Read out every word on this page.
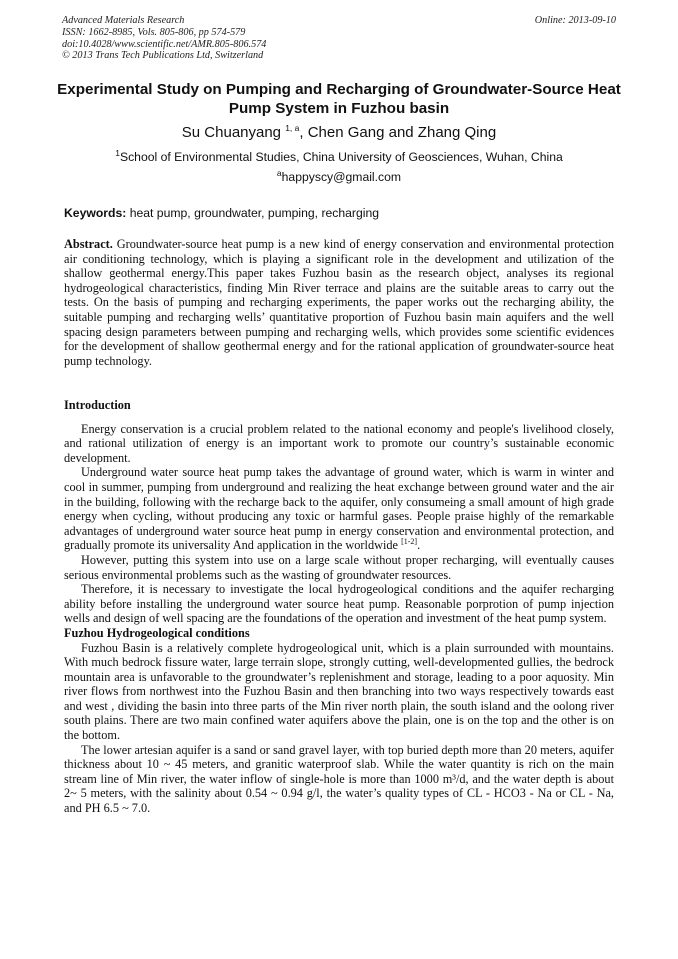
Advanced Materials Research
ISSN: 1662-8985, Vols. 805-806, pp 574-579
doi:10.4028/www.scientific.net/AMR.805-806.574
© 2013 Trans Tech Publications Ltd, Switzerland
Online: 2013-09-10
Experimental Study on Pumping and Recharging of Groundwater-Source Heat Pump System in Fuzhou basin
Su Chuanyang $^{1, a}$, Chen Gang and Zhang Qing
$^1$School of Environmental Studies, China University of Geosciences, Wuhan, China
$^a$happyscy@gmail.com
Keywords: heat pump, groundwater, pumping, recharging

Abstract. Groundwater-source heat pump is a new kind of energy conservation and environmental protection air conditioning technology, which is playing a significant role in the development and utilization of the shallow geothermal energy.This paper takes Fuzhou basin as the research object, analyses its regional hydrogeological characteristics, finding Min River terrace and plains are the suitable areas to carry out the tests. On the basis of pumping and recharging experiments, the paper works out the recharging ability, the suitable pumping and recharging wells’ quantitative proportion of Fuzhou basin main aquifers and the well spacing design parameters between pumping and recharging wells, which provides some scientific evidences for the development of shallow geothermal energy and for the rational application of groundwater-source heat pump technology.

Introduction

Energy conservation is a crucial problem related to the national economy and people's livelihood closely, and rational utilization of energy is an important work to promote our country’s sustainable economic development.

Underground water source heat pump takes the advantage of ground water, which is warm in winter and cool in summer, pumping from underground and realizing the heat exchange between ground water and the air in the building, following with the recharge back to the aquifer, only consumeing a small amount of high grade energy when cycling, without producing any toxic or harmful gases. People praise highly of the remarkable advantages of underground water source heat pump in energy conservation and environmental protection, and gradually promote its universality And application in the worldwide [1-2].

However, putting this system into use on a large scale without proper recharging, will eventually causes serious environmental problems such as the wasting of groundwater resources.

Therefore, it is necessary to investigate the local hydrogeological conditions and the aquifer recharging ability before installing the underground water source heat pump. Reasonable porprotion of pump injection wells and design of well spacing are the foundations of the operation and investment of the heat pump system.

Fuzhou Hydrogeological conditions

Fuzhou Basin is a relatively complete hydrogeological unit, which is a plain surrounded with mountains. With much bedrock fissure water, large terrain slope, strongly cutting, well-developmented gullies, the bedrock mountain area is unfavorable to the groundwater’s replenishment and storage, leading to a poor aquosity. Min river flows from northwest into the Fuzhou Basin and then branching into two ways respectively towards east and west , dividing the basin into three parts of the Min river north plain, the south island and the oolong river south plains. There are two main confined water aquifers above the plain, one is on the top and the other is on the bottom.

The lower artesian aquifer is a sand or sand gravel layer, with top buried depth more than 20 meters, aquifer thickness about 10 ~ 45 meters, and granitic waterproof slab. While the water quantity is rich on the main stream line of Min river, the water inflow of single-hole is more than 1000 m³/d, and the water depth is about 2~ 5 meters, with the salinity about 0.54 ~ 0.94 g/l, the water’s quality types of CL - HCO3 - Na or CL - Na, and PH 6.5 ~ 7.0.
